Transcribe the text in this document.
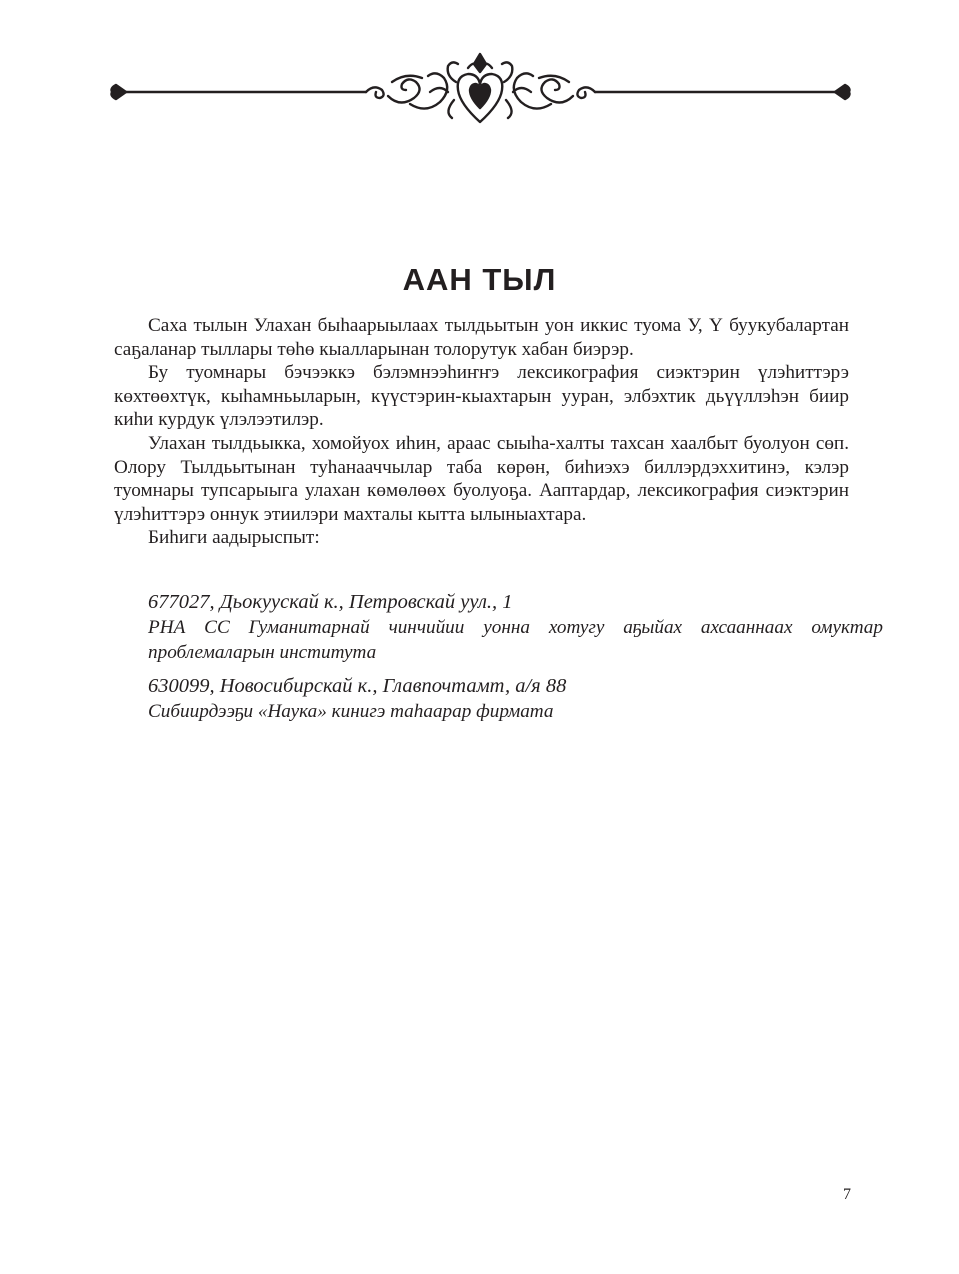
ААН ТЫЛ

Саха тылын Улахан быһаарыылаах тылдьытын уон иккис туома У, Ү буукубалартан саҕаланар тыллары төһө кыалларынан толорутук хабан биэрэр.

Бу туомнары бэчээккэ бэлэмнээһиҥҥэ лексикография сиэктэрин үлэһиттэрэ көхтөөхтүк, кыһамньыларын, күүстэрин-кыахтарын ууран, элбэхтик дьүүллэһэн биир киһи курдук үлэлээтилэр.

Улахан тылдьыкка, хомойуох иһин, араас сыыһа-халты тахсан хаалбыт буолуон сөп. Олору Тылдьытынан туһанааччылар таба көрөн, биһиэхэ биллэрдэххитинэ, кэлэр туомнары тупсарыыга улахан көмөлөөх буолуоҕа. Ааптардар, лексикография сиэктэрин үлэһиттэрэ оннук этиилэри махталы кытта ылыныахтара.

Биһиги аадырыспыт:

677027, Дьокуускай к., Петровскай уул., 1
РНА СС Гуманитарнай чинчийии уонна хотугу аҕыйах ахсааннаах омуктар проблемаларын института
630099, Новосибирскай к., Главпочтамт, а/я 88
Сибиирдээҕи «Наука» кинигэ таһаарар фирмата
7
